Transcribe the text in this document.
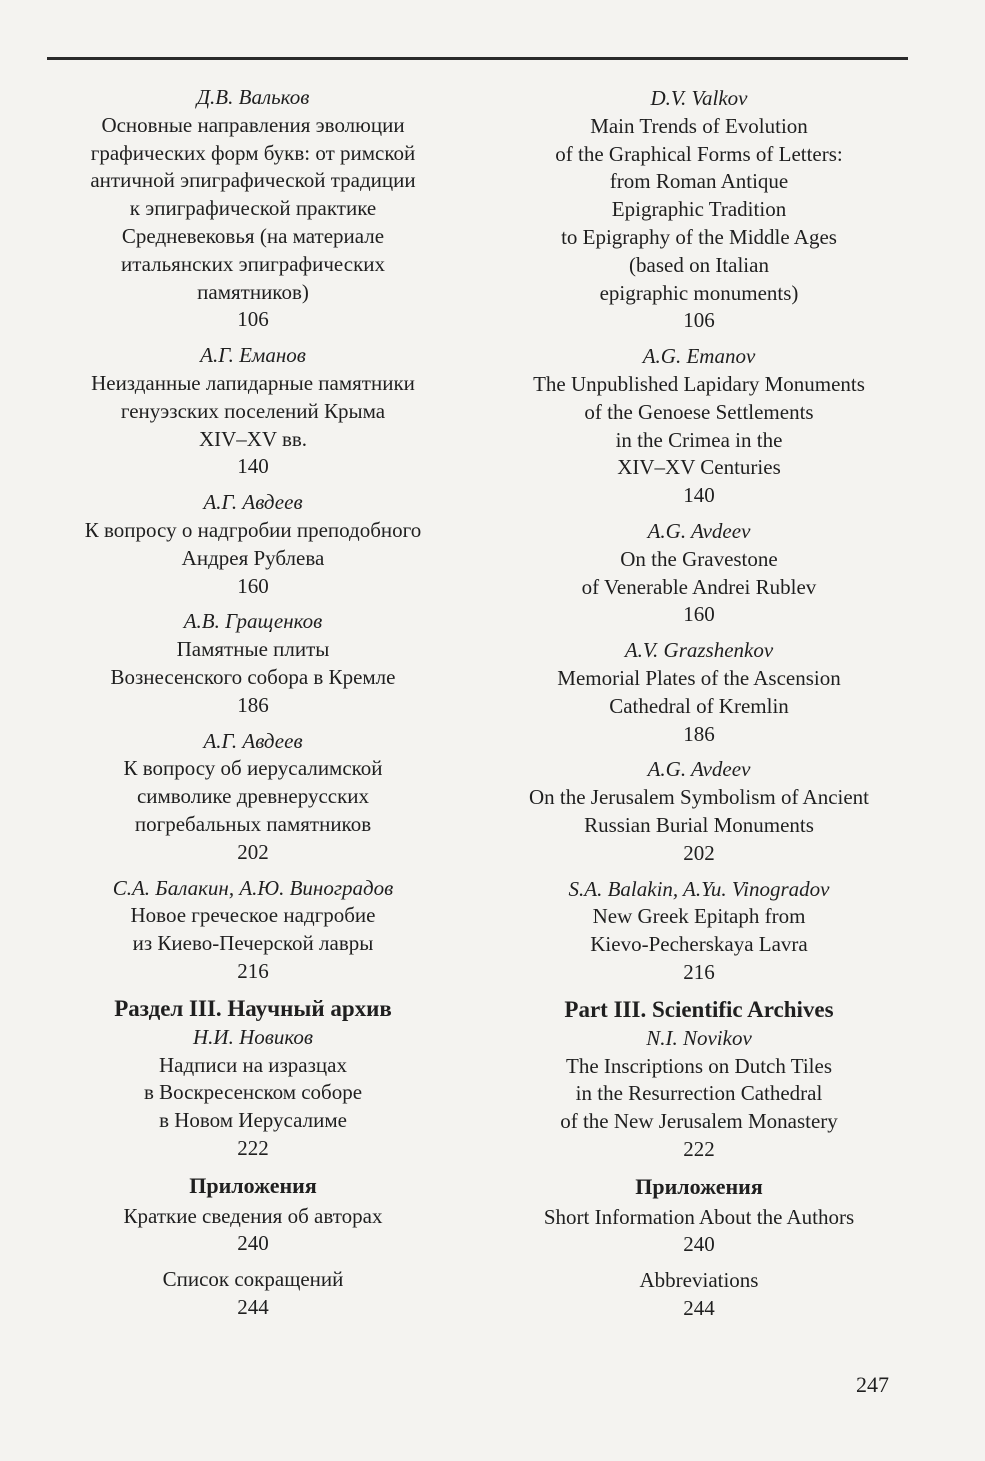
Д.В. Вальков
Основные направления эволюции
графических форм букв: от римской
античной эпиграфической традиции
к эпиграфической практике
Средневековья (на материале
итальянских эпиграфических
памятников)
106
А.Г. Еманов
Неизданные лапидарные памятники
генуэзских поселений Крыма
XIV–XV вв.
140
А.Г. Авдеев
К вопросу о надгробии преподобного
Андрея Рублева
160
А.В. Гращенков
Памятные плиты
Вознесенского собора в Кремле
186
А.Г. Авдеев
К вопросу об иерусалимской
символике древнерусских
погребальных памятников
202
С.А. Балакин, А.Ю. Виноградов
Новое греческое надгробие
из Киево-Печерской лавры
216
Раздел III. Научный архив
Н.И. Новиков
Надписи на изразцах
в Воскресенском соборе
в Новом Иерусалиме
222
Приложения
Краткие сведения об авторах
240
Список сокращений
244
D.V. Valkov
Main Trends of Evolution
of the Graphical Forms of Letters:
from Roman Antique
Epigraphic Tradition
to Epigraphy of the Middle Ages
(based on Italian
epigraphic monuments)
106
A.G. Emanov
The Unpublished Lapidary Monuments
of the Genoese Settlements
in the Crimea in the
XIV–XV Centuries
140
A.G. Avdeev
On the Gravestone
of Venerable Andrei Rublev
160
A.V. Grazshenkov
Memorial Plates of the Ascension
Cathedral of Kremlin
186
A.G. Avdeev
On the Jerusalem Symbolism of Ancient
Russian Burial Monuments
202
S.A. Balakin, A.Yu. Vinogradov
New Greek Epitaph from
Kievo-Pecherskaya Lavra
216
Part III. Scientific Archives
N.I. Novikov
The Inscriptions on Dutch Tiles
in the Resurrection Cathedral
of the New Jerusalem Monastery
222
Приложения
Short Information About the Authors
240
Abbreviations
244
247
